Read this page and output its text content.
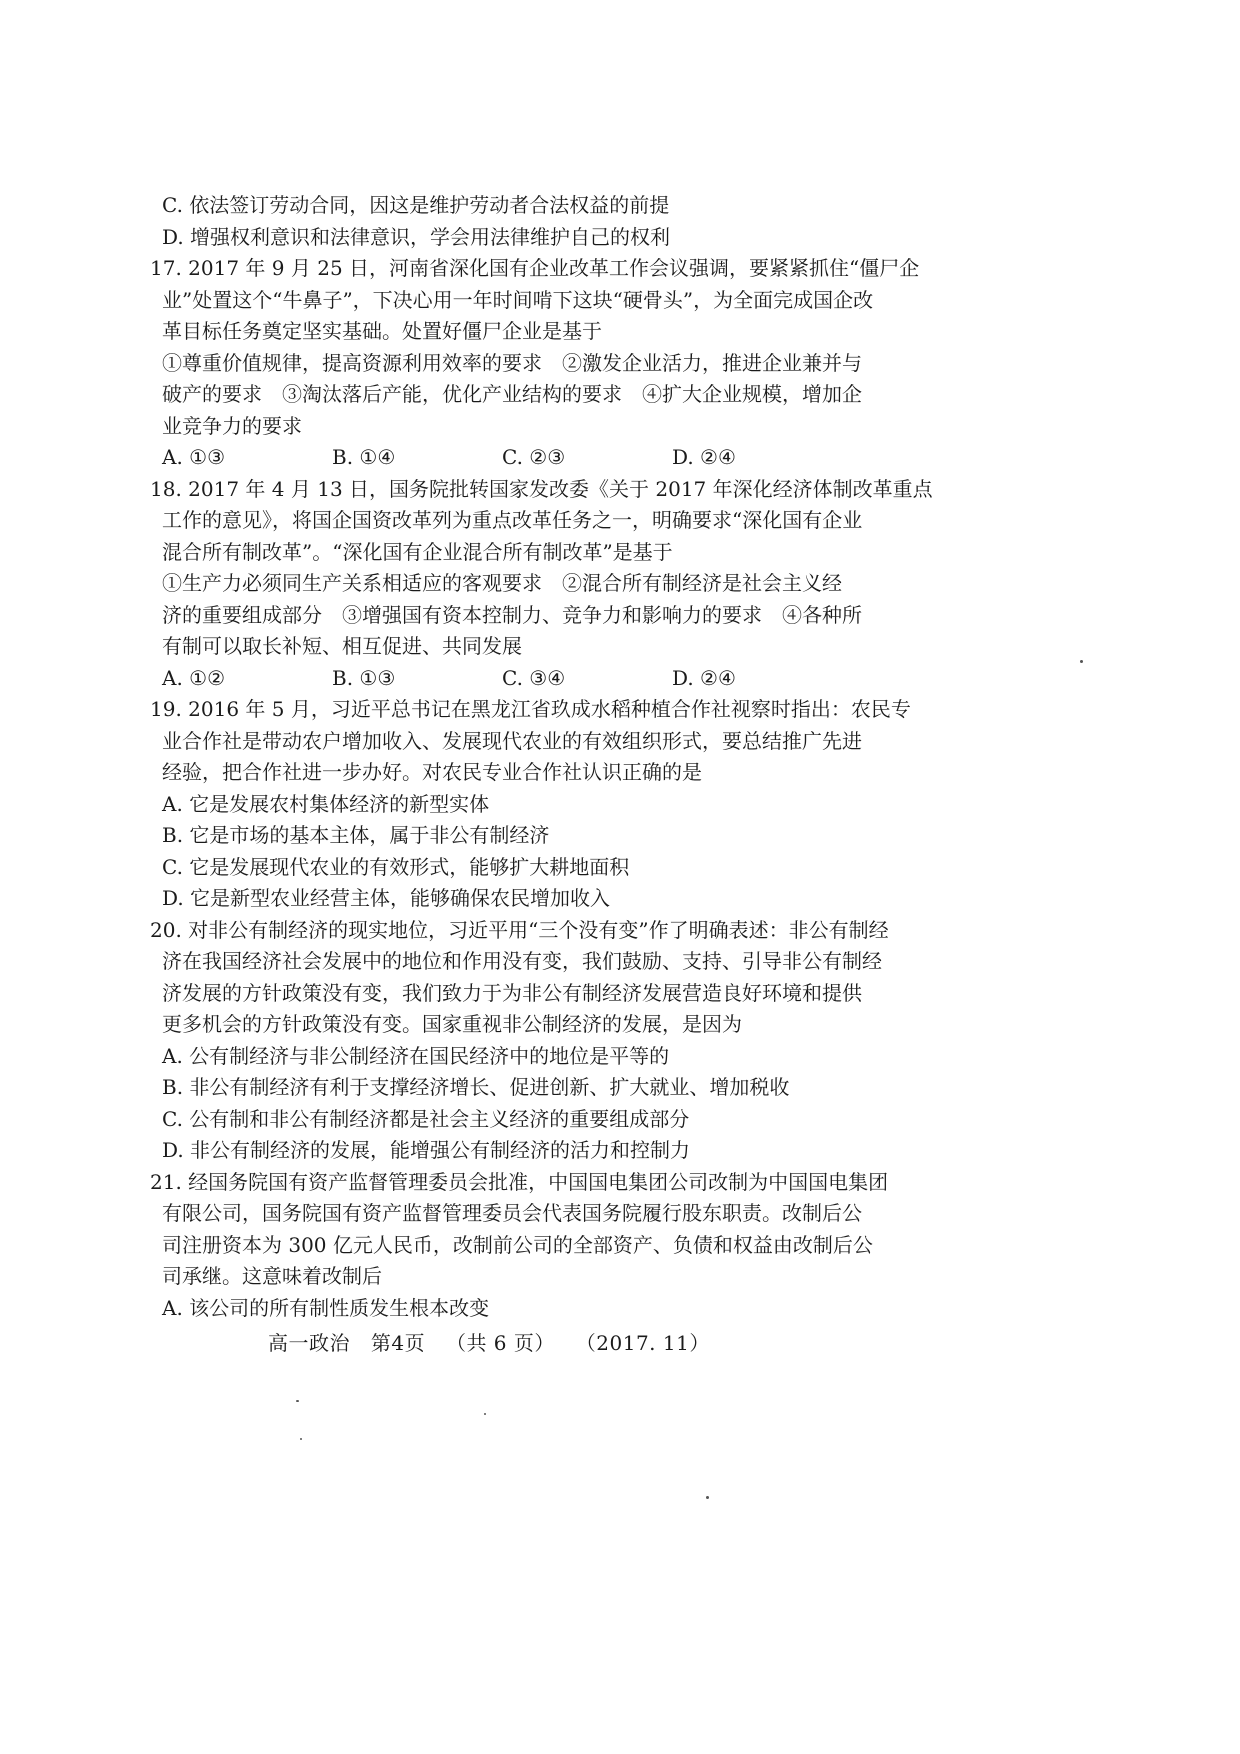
C. 依法签订劳动合同，因这是维护劳动者合法权益的前提
D. 增强权利意识和法律意识，学会用法律维护自己的权利
17. 2017 年 9 月 25 日，河南省深化国有企业改革工作会议强调，要紧紧抓住“僵尸企
业”处置这个“牛鼻子”，下决心用一年时间啃下这块“硬骨头”，为全面完成国企改
革目标任务奠定坚实基础。处置好僵尸企业是基于
①尊重价值规律，提高资源利用效率的要求　②激发企业活力，推进企业兼并与
破产的要求　③淘汰落后产能，优化产业结构的要求　④扩大企业规模，增加企
业竞争力的要求
A. ①③	B. ①④	C. ②③	D. ②④
18. 2017 年 4 月 13 日，国务院批转国家发改委《关于 2017 年深化经济体制改革重点
工作的意见》，将国企国资改革列为重点改革任务之一，明确要求“深化国有企业
混合所有制改革”。“深化国有企业混合所有制改革”是基于
①生产力必须同生产关系相适应的客观要求　②混合所有制经济是社会主义经
济的重要组成部分　③增强国有资本控制力、竞争力和影响力的要求　④各种所
有制可以取长补短、相互促进、共同发展
A. ①②	B. ①③	C. ③④	D. ②④
19. 2016 年 5 月，习近平总书记在黑龙江省玖成水稻种植合作社视察时指出：农民专
业合作社是带动农户增加收入、发展现代农业的有效组织形式，要总结推广先进
经验，把合作社进一步办好。对农民专业合作社认识正确的是
A. 它是发展农村集体经济的新型实体
B. 它是市场的基本主体，属于非公有制经济
C. 它是发展现代农业的有效形式，能够扩大耕地面积
D. 它是新型农业经营主体，能够确保农民增加收入
20. 对非公有制经济的现实地位，习近平用“三个没有变”作了明确表述：非公有制经
济在我国经济社会发展中的地位和作用没有变，我们鼓励、支持、引导非公有制经
济发展的方针政策没有变，我们致力于为非公有制经济发展营造良好环境和提供
更多机会的方针政策没有变。国家重视非公制经济的发展，是因为
A. 公有制经济与非公制经济在国民经济中的地位是平等的
B. 非公有制经济有利于支撑经济增长、促进创新、扩大就业、增加税收
C. 公有制和非公有制经济都是社会主义经济的重要组成部分
D. 非公有制经济的发展，能增强公有制经济的活力和控制力
21. 经国务院国有资产监督管理委员会批准，中国国电集团公司改制为中国国电集团
有限公司，国务院国有资产监督管理委员会代表国务院履行股东职责。改制后公
司注册资本为 300 亿元人民币，改制前公司的全部资产、负债和权益由改制后公
司承继。这意味着改制后
A. 该公司的所有制性质发生根本改变
高一政治 第4页 （共 6 页） （2017. 11）
